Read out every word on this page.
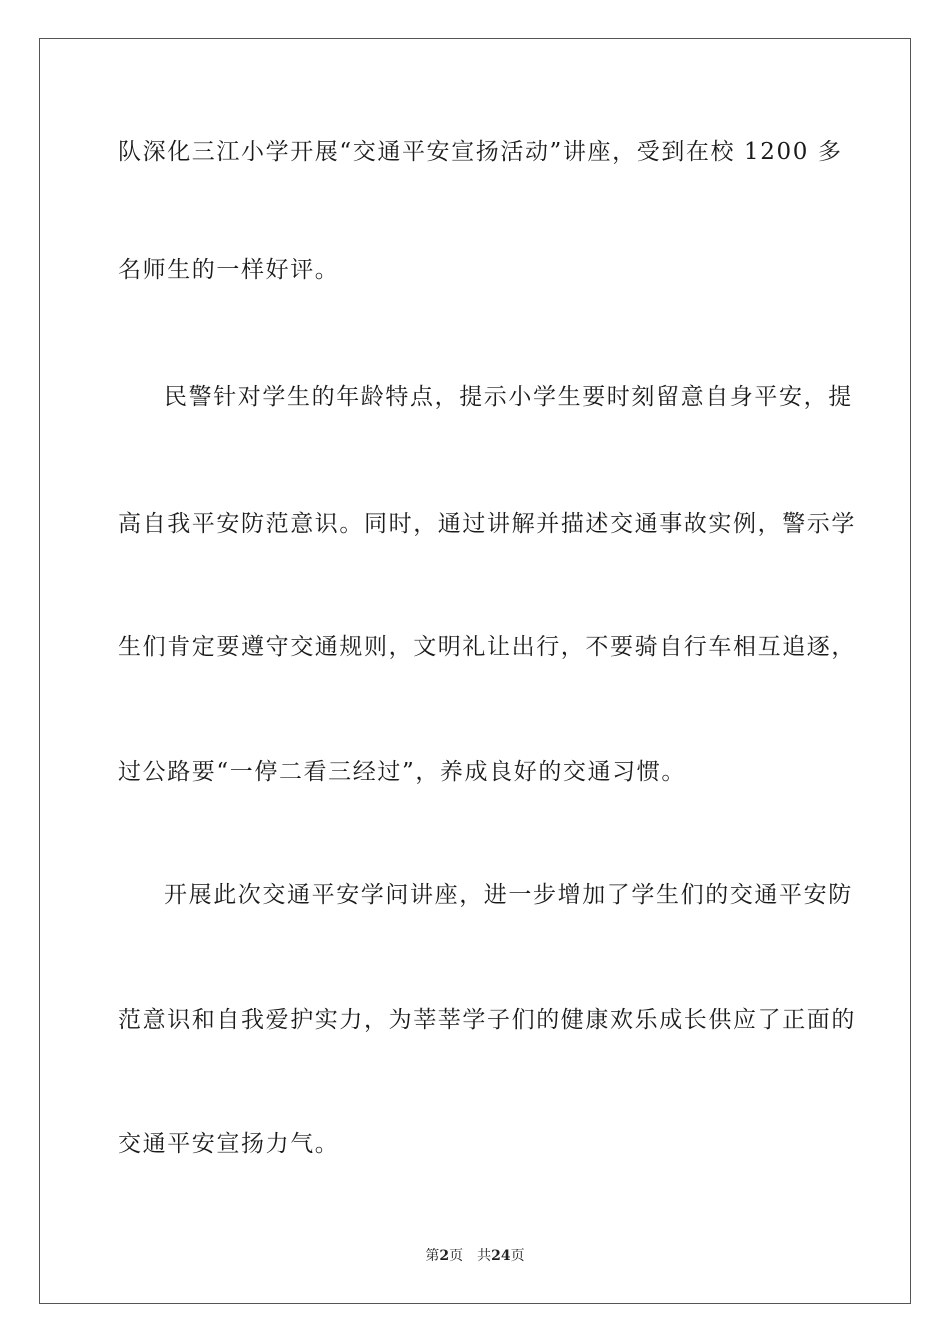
队深化三江小学开展“交通平安宣扬活动”讲座，受到在校 1200 多
名师生的一样好评。
民警针对学生的年龄特点，提示小学生要时刻留意自身平安，提
高自我平安防范意识。同时，通过讲解并描述交通事故实例，警示学
生们肯定要遵守交通规则，文明礼让出行，不要骑自行车相互追逐，
过公路要“一停二看三经过”，养成良好的交通习惯。
开展此次交通平安学问讲座，进一步增加了学生们的交通平安防
范意识和自我爱护实力，为莘莘学子们的健康欢乐成长供应了正面的
交通平安宣扬力气。
第2页 共24页
